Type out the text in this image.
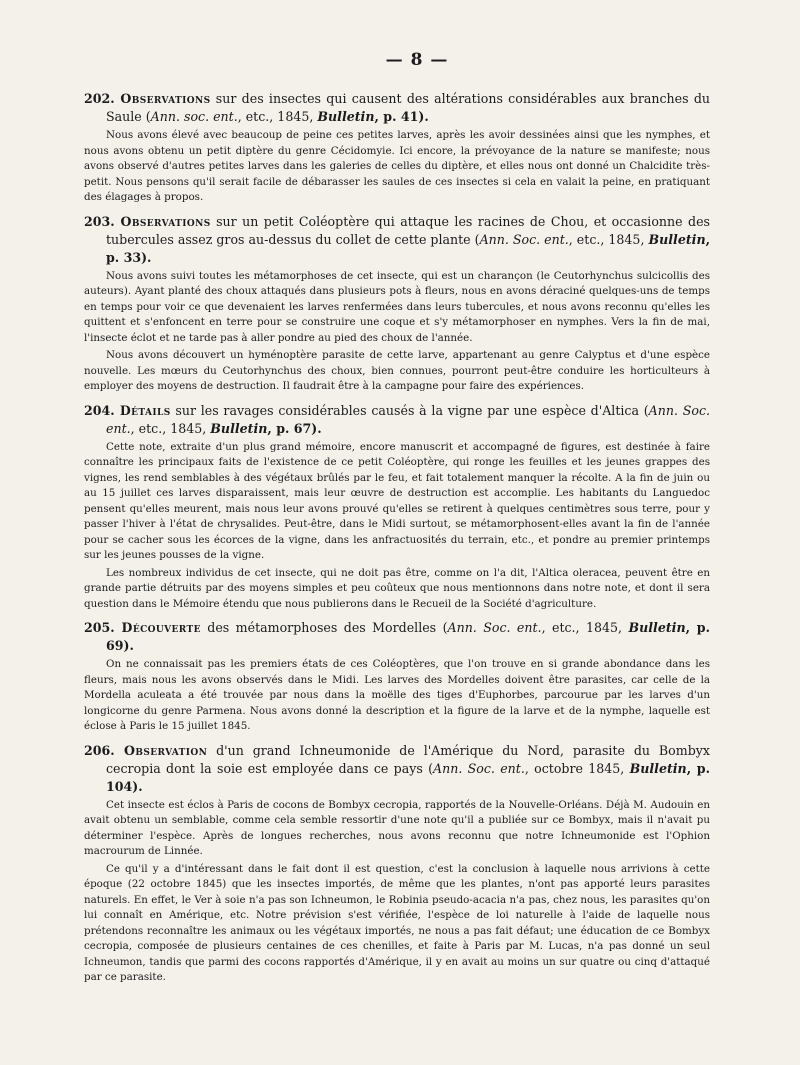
— 8 —

202. Observations sur des insectes qui causent des altérations considérables aux branches du Saule (Ann. soc. ent., etc., 1845, Bulletin, p. 41).

Nous avons élevé avec beaucoup de peine ces petites larves, après les avoir dessinées ainsi que les nymphes, et nous avons obtenu un petit diptère du genre Cécidomyie. Ici encore, la prévoyance de la nature se manifeste; nous avons observé d'autres petites larves dans les galeries de celles du diptère, et elles nous ont donné un Chalcidite très-petit. Nous pensons qu'il serait facile de débarasser les saules de ces insectes si cela en valait la peine, en pratiquant des élagages à propos.

203. Observations sur un petit Coléoptère qui attaque les racines de Chou, et occasionne des tubercules assez gros au-dessus du collet de cette plante (Ann. Soc. ent., etc., 1845, Bulletin, p. 33).

Nous avons suivi toutes les métamorphoses de cet insecte, qui est un charançon (le Ceutorhynchus sulcicollis des auteurs). Ayant planté des choux attaqués dans plusieurs pots à fleurs, nous en avons déraciné quelques-uns de temps en temps pour voir ce que devenaient les larves renfermées dans leurs tubercules, et nous avons reconnu qu'elles les quittent et s'enfoncent en terre pour se construire une coque et s'y métamorphoser en nymphes. Vers la fin de mai, l'insecte éclot et ne tarde pas à aller pondre au pied des choux de l'année.

Nous avons découvert un hyménoptère parasite de cette larve, appartenant au genre Calyptus et d'une espèce nouvelle. Les mœurs du Ceutorhynchus des choux, bien connues, pourront peut-être conduire les horticulteurs à employer des moyens de destruction. Il faudrait être à la campagne pour faire des expériences.

204. Détails sur les ravages considérables causés à la vigne par une espèce d'Altica (Ann. Soc. ent., etc., 1845, Bulletin, p. 67).

Cette note, extraite d'un plus grand mémoire, encore manuscrit et accompagné de figures, est destinée à faire connaître les principaux faits de l'existence de ce petit Coléoptère, qui ronge les feuilles et les jeunes grappes des vignes, les rend semblables à des végétaux brûlés par le feu, et fait totalement manquer la récolte. A la fin de juin ou au 15 juillet ces larves disparaissent, mais leur œuvre de destruction est accomplie. Les habitants du Languedoc pensent qu'elles meurent, mais nous leur avons prouvé qu'elles se retirent à quelques centimètres sous terre, pour y passer l'hiver à l'état de chrysalides. Peut-être, dans le Midi surtout, se métamorphosent-elles avant la fin de l'année pour se cacher sous les écorces de la vigne, dans les anfractuosités du terrain, etc., et pondre au premier printemps sur les jeunes pousses de la vigne.

Les nombreux individus de cet insecte, qui ne doit pas être, comme on l'a dit, l'Altica oleracea, peuvent être en grande partie détruits par des moyens simples et peu coûteux que nous mentionnons dans notre note, et dont il sera question dans le Mémoire étendu que nous publierons dans le Recueil de la Société d'agriculture.

205. Découverte des métamorphoses des Mordelles (Ann. Soc. ent., etc., 1845, Bulletin, p. 69).

On ne connaissait pas les premiers états de ces Coléoptères, que l'on trouve en si grande abondance dans les fleurs, mais nous les avons observés dans le Midi. Les larves des Mordelles doivent être parasites, car celle de la Mordella aculeata a été trouvée par nous dans la moëlle des tiges d'Euphorbes, parcourue par les larves d'un longicorne du genre Parmena. Nous avons donné la description et la figure de la larve et de la nymphe, laquelle est éclose à Paris le 15 juillet 1845.

206. Observation d'un grand Ichneumonide de l'Amérique du Nord, parasite du Bombyx cecropia dont la soie est employée dans ce pays (Ann. Soc. ent., octobre 1845, Bulletin, p. 104).

Cet insecte est éclos à Paris de cocons de Bombyx cecropia, rapportés de la Nouvelle-Orléans. Déjà M. Audouin en avait obtenu un semblable, comme cela semble ressortir d'une note qu'il a publiée sur ce Bombyx, mais il n'avait pu déterminer l'espèce. Après de longues recherches, nous avons reconnu que notre Ichneumonide est l'Ophion macrourum de Linnée.

Ce qu'il y a d'intéressant dans le fait dont il est question, c'est la conclusion à laquelle nous arrivions à cette époque (22 octobre 1845) que les insectes importés, de même que les plantes, n'ont pas apporté leurs parasites naturels. En effet, le Ver à soie n'a pas son Ichneumon, le Robinia pseudo-acacia n'a pas, chez nous, les parasites qu'on lui connaît en Amérique, etc. Notre prévision s'est vérifiée, l'espèce de loi naturelle à l'aide de laquelle nous prétendons reconnaître les animaux ou les végétaux importés, ne nous a pas fait défaut; une éducation de ce Bombyx cecropia, composée de plusieurs centaines de ces chenilles, et faite à Paris par M. Lucas, n'a pas donné un seul Ichneumon, tandis que parmi des cocons rapportés d'Amérique, il y en avait au moins un sur quatre ou cinq d'attaqué par ce parasite.
